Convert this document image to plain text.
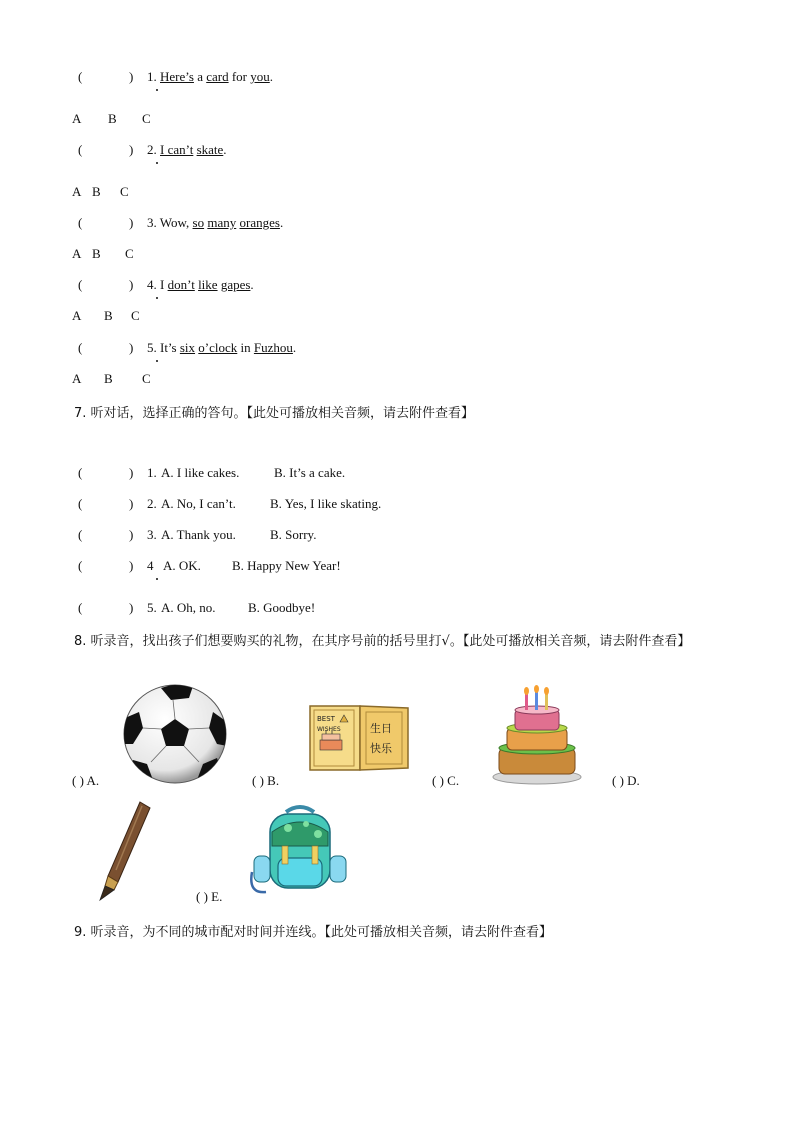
(	) 1. Here’s a card for you.
A B C
(	) 2. I can’t skate.
A B C
(	) 3. Wow, so many oranges.
A B C
(	) 4. I don’t like gapes.
A B C
(	) 5. It’s six o’clock in Fuzhou.
A B C
7. 听对话，选择正确的答句。【此处可播放相关音频，请去附件查看】
(	) 1. A. I like cakes.	B. It’s a cake.
(	) 2. A. No, I can’t.	B. Yes, I like skating.
(	) 3. A. Thank you.	B. Sorry.
(	) 4 A. OK. B. Happy New Year!
(	) 5. A. Oh, no. B. Goodbye!
8. 听录音，找出孩子们想要购买的礼物，在其序号前的括号里打√。【此处可播放相关音频，请去附件查看】
BEST
WISHES	生日
快乐
( ) A.	( ) B.	( ) C.	( ) D.
( ) E.
9. 听录音，为不同的城市配对时间并连线。【此处可播放相关音频，请去附件查看】
